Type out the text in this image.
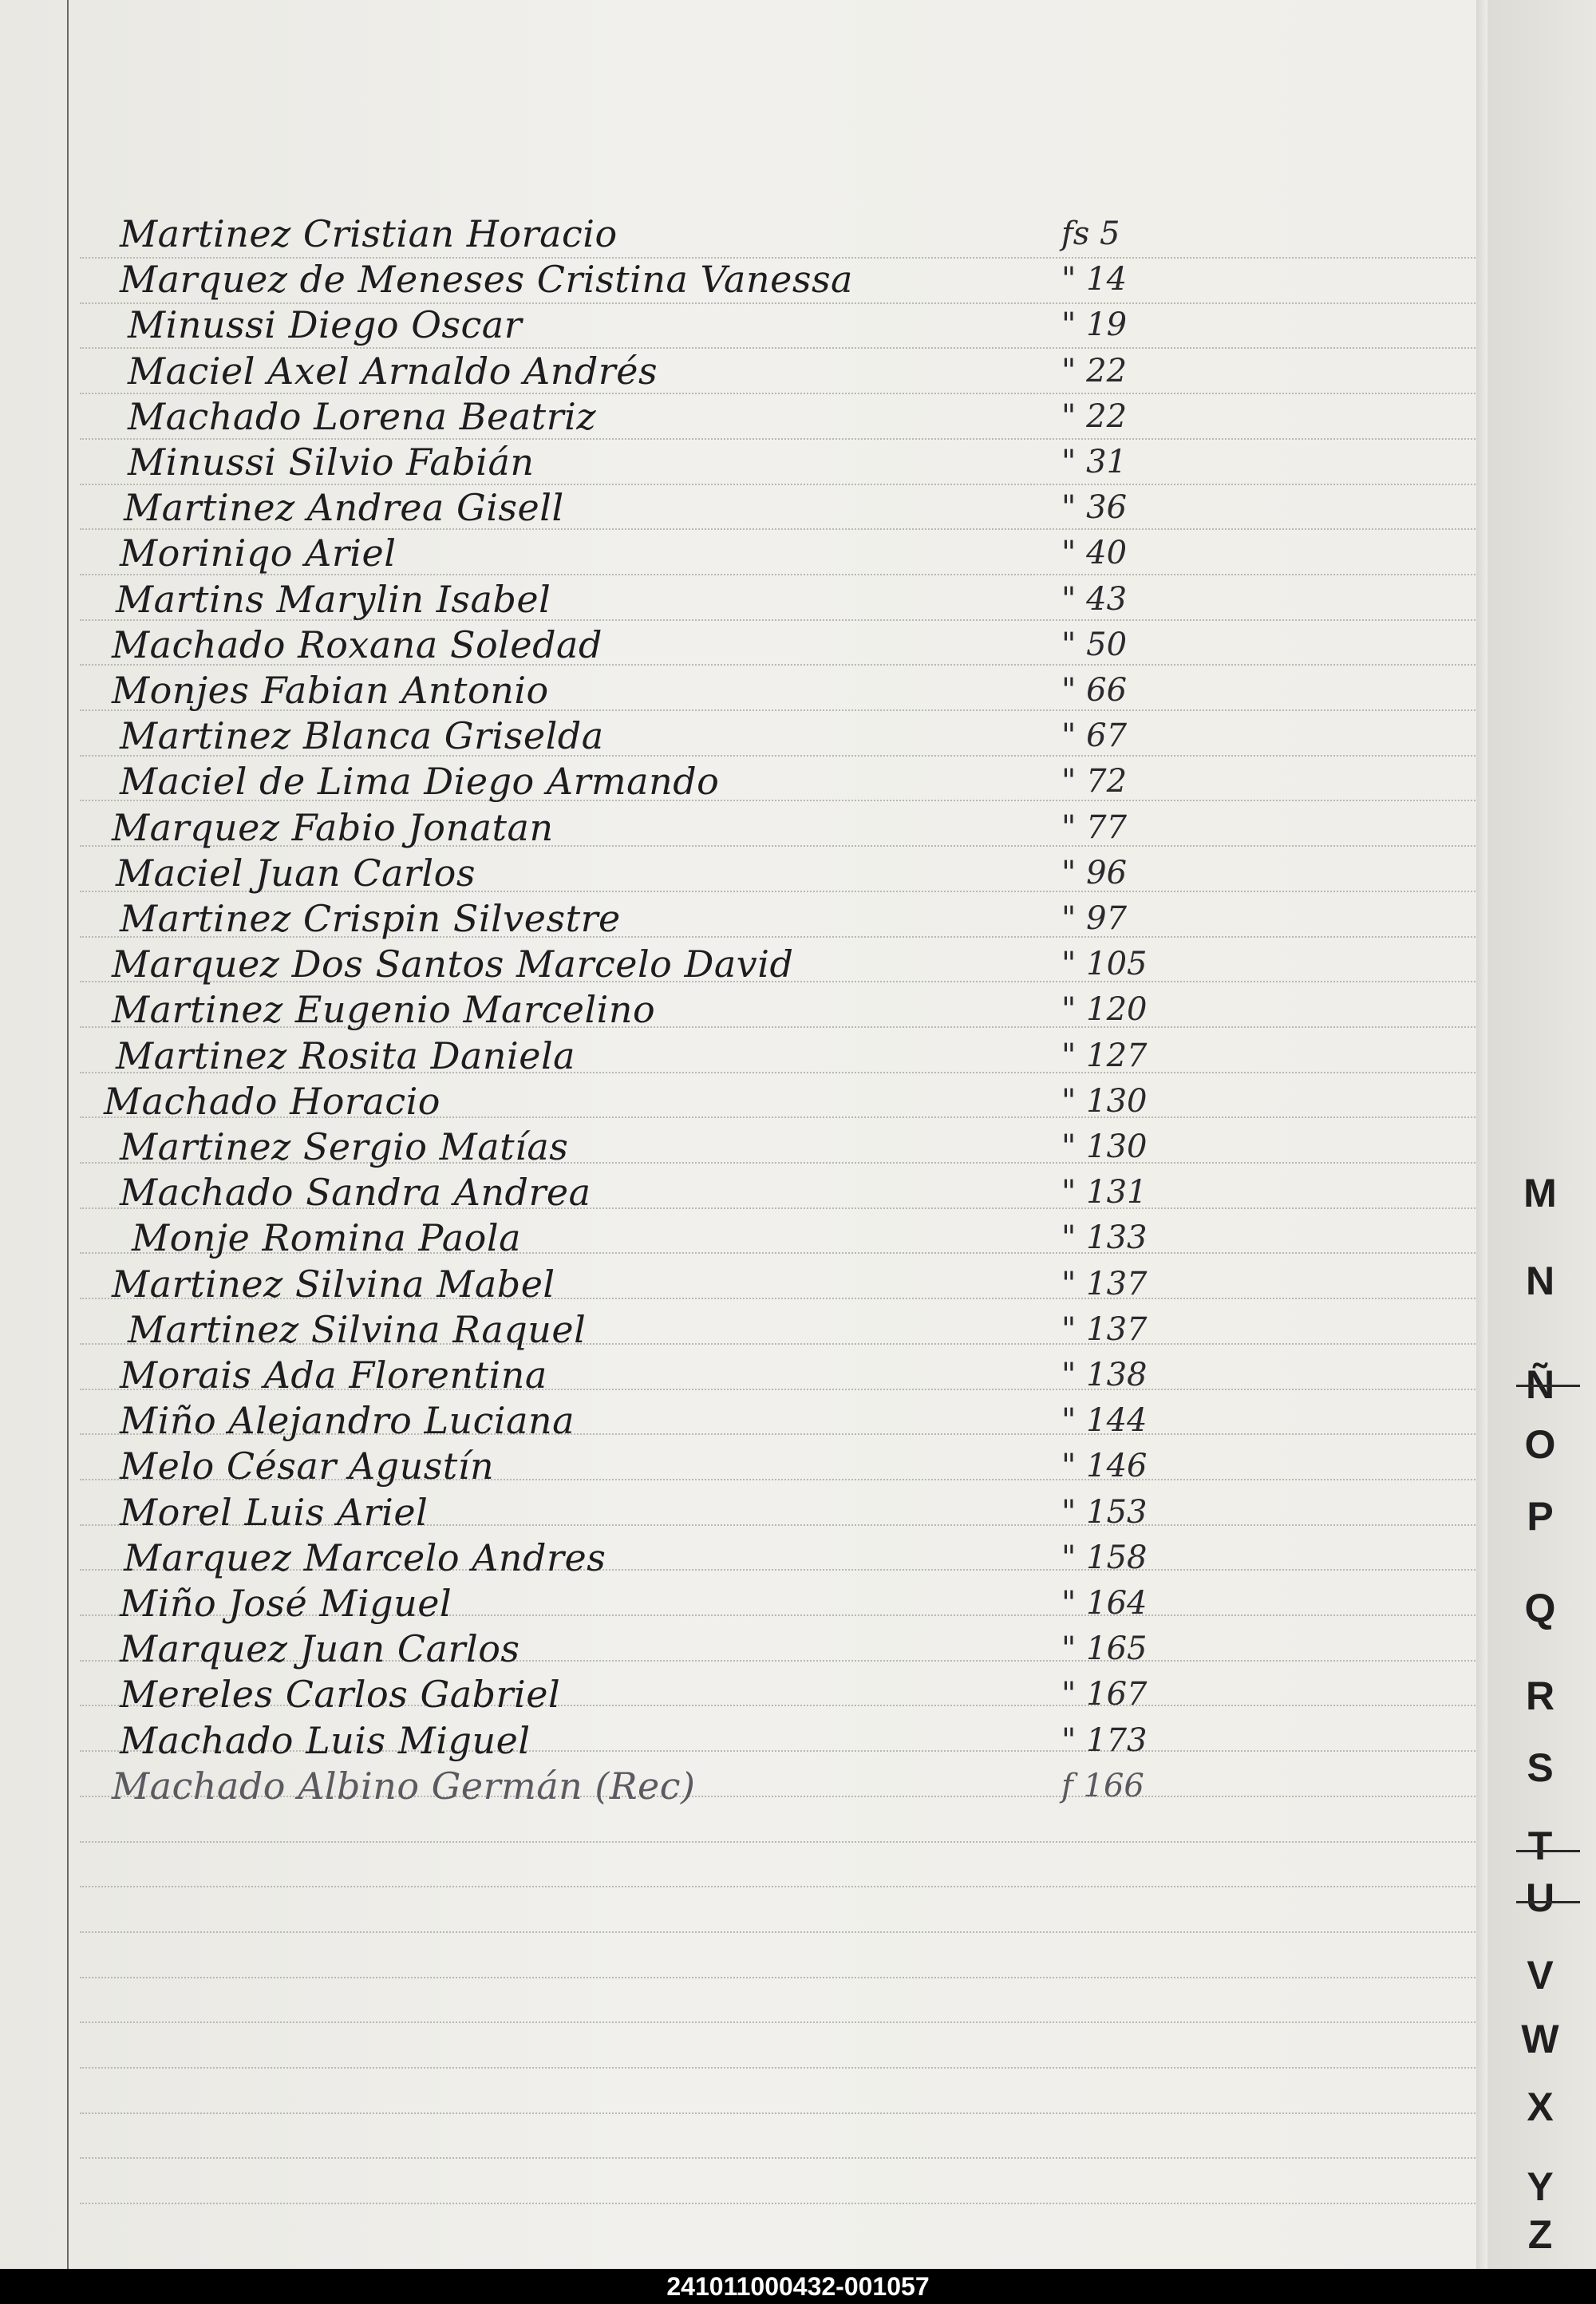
Martinez Cristian Horacio	fs 5
Marquez de Meneses Cristina Vanessa	" 14
Minussi Diego Oscar	" 19
Maciel Axel Arnaldo Andrés	" 22
Machado Lorena Beatriz	" 22
Minussi Silvio Fabián	" 31
Martinez Andrea Gisell	" 36
Moriniqo Ariel	" 40
Martins Marylin Isabel	" 43
Machado Roxana Soledad	" 50
Monjes Fabian Antonio	" 66
Martinez Blanca Griselda	" 67
Maciel de Lima Diego Armando	" 72
Marquez Fabio Jonatan	" 77
Maciel Juan Carlos	" 96
Martinez Crispin Silvestre	" 97
Marquez Dos Santos Marcelo David	" 105
Martinez Eugenio Marcelino	" 120
Martinez Rosita Daniela	" 127
Machado Horacio	" 130
Martinez Sergio Matías	" 130
Machado Sandra Andrea	" 131
Monje Romina Paola	" 133
Martinez Silvina Mabel	" 137
Martinez Silvina Raquel	" 137
Morais Ada Florentina	" 138
Miño Alejandro Luciana	" 144
Melo César Agustín	" 146
Morel Luis Ariel	" 153
Marquez Marcelo Andres	" 158
Miño José Miguel	" 164
Marquez Juan Carlos	" 165
Mereles Carlos Gabriel	" 167
Machado Luis Miguel	" 173
Machado Albino Germán (Rec)	f 166
M
N
Ñ
O
P
Q
R
S
T
U
V
W
X
Y
Z
241011000432-001057
